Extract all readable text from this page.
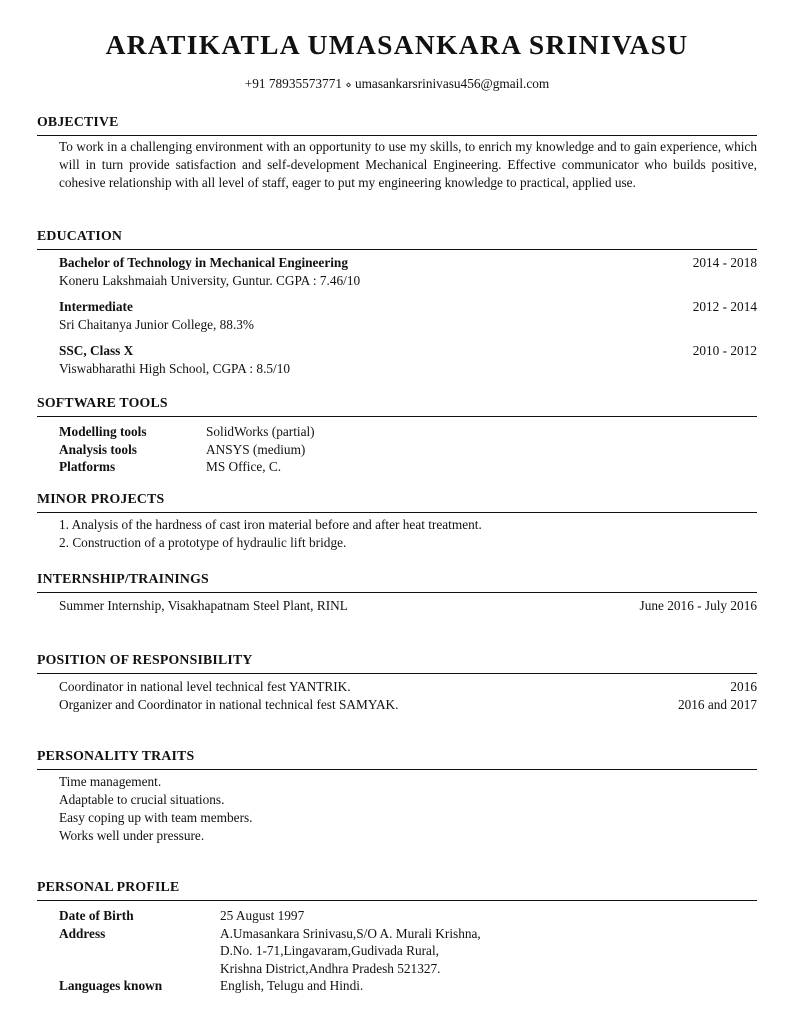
ARATIKATLA UMASANKARA SRINIVASU
+91 78935573771 ⋄ umasankarsrinivasu456@gmail.com
OBJECTIVE
To work in a challenging environment with an opportunity to use my skills, to enrich my knowledge and to gain experience, which will in turn provide satisfaction and self-development Mechanical Engineering. Effective communicator who builds positive, cohesive relationship with all level of staff, eager to put my engineering knowledge to practical, applied use.
EDUCATION
Bachelor of Technology in Mechanical Engineering	2014 - 2018
Koneru Lakshmaiah University, Guntur. CGPA : 7.46/10
Intermediate	2012 - 2014
Sri Chaitanya Junior College, 88.3%
SSC, Class X	2010 - 2012
Viswabharathi High School, CGPA : 8.5/10
SOFTWARE TOOLS
Modelling tools	SolidWorks (partial)
Analysis tools	ANSYS (medium)
Platforms	MS Office, C.
MINOR PROJECTS
1. Analysis of the hardness of cast iron material before and after heat treatment.
2. Construction of a prototype of hydraulic lift bridge.
INTERNSHIP/TRAININGS
Summer Internship, Visakhapatnam Steel Plant, RINL	June 2016 - July 2016
POSITION OF RESPONSIBILITY
Coordinator in national level technical fest YANTRIK.	2016
Organizer and Coordinator in national technical fest SAMYAK.	2016 and 2017
PERSONALITY TRAITS
Time management.
Adaptable to crucial situations.
Easy coping up with team members.
Works well under pressure.
PERSONAL PROFILE
Date of Birth	25 August 1997
Address	A.Umasankara Srinivasu,S/O A. Murali Krishna,
D.No. 1-71,Lingavaram,Gudivada Rural,
Krishna District,Andhra Pradesh 521327.
Languages known	English, Telugu and Hindi.
